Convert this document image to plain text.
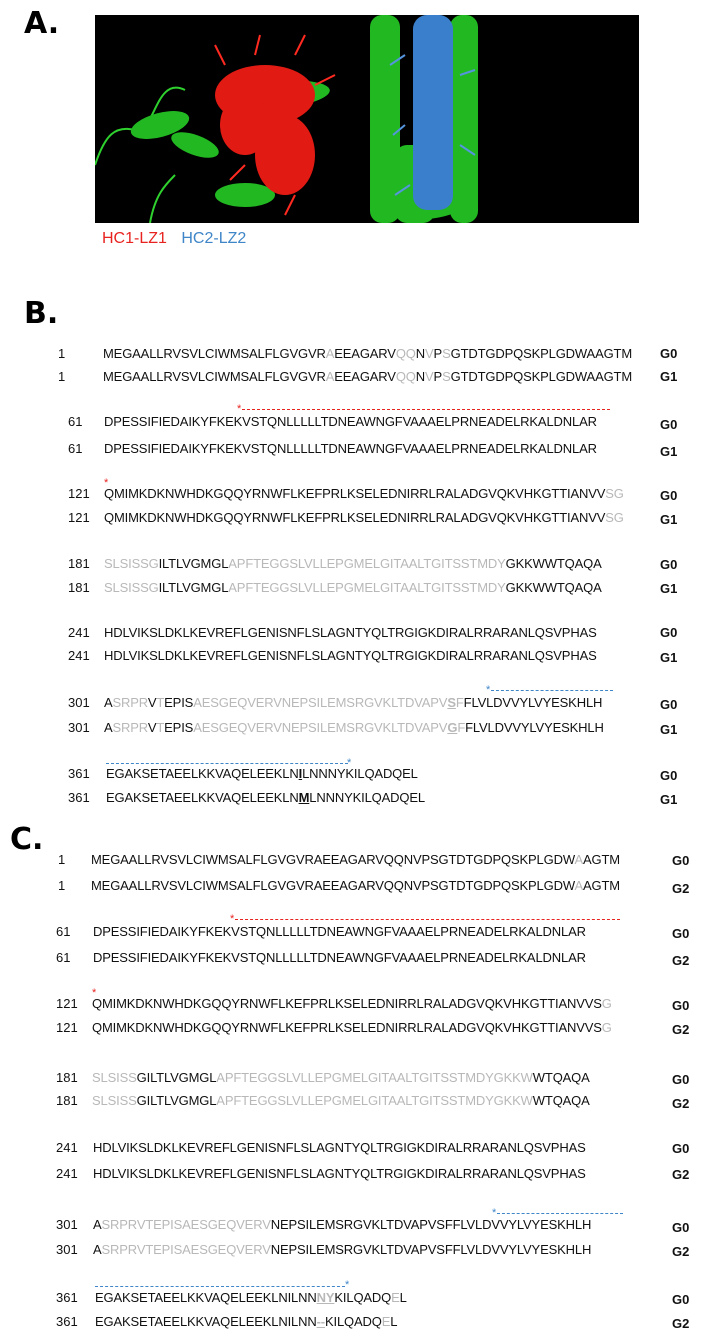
A.
HC1-LZ1 HC2-LZ2
B.
1	MEGAALLRVSVLCIWMSALFLGVGVRAEEAGARVQQNVPSGTDTGDPQSKPLGDWAAGTM G0
1	MEGAALLRVSVLCIWMSALFLGVGVRAEEAGARVQQNVPSGTDTGDPQSKPLGDWAAGTM G1
*
61 DPESSIFIEDAIKYFKEKVSTQNLLLLLTDNEAWNGFVAAAELPRNEADELRKALDNLAR	G0
61 DPESSIFIEDAIKYFKEKVSTQNLLLLLTDNEAWNGFVAAAELPRNEADELRKALDNLAR	G1
*
121 QMIMKDKNWHDKGQQYRNWFLKEFPRLKSELEDNIRRLRALADGVQKVHKGTTIANVVSG	G0
121 QMIMKDKNWHDKGQQYRNWFLKEFPRLKSELEDNIRRLRALADGVQKVHKGTTIANVVSG	G1
181 SLSISSGILTLVGMGLAPFTEGGSLVLLEPGMELGITAALTGITSSTMDYGKKWWTQAQA	G0
181 SLSISSGILTLVGMGLAPFTEGGSLVLLEPGMELGITAALTGITSSTMDYGKKWWTQAQA	G1
241 HDLVIKSLDKLKEVREFLGENISNFLSLAGNTYQLTRGIGKDIRALRRARANLQSVPHAS	G0
241 HDLVIKSLDKLKEVREFLGENISNFLSLAGNTYQLTRGIGKDIRALRRARANLQSVPHAS	G1
*
301 ASRPRVTEPISAESGEQVERVNEPSILEMSRGVKLTDVAPVSFFLVLDVVYLVYESKHLH	G0
301 ASRPRVTEPISAESGEQVERVNEPSILEMSRGVKLTDVAPVGFFLVLDVVYLVYESKHLH	G1
*
361 EGAKSETAEELKKVAQELEEKLNILNNNYKILQADQEL	G0
361 EGAKSETAEELKKVAQELEEKLNMLNNNYKILQADQEL	G1
C.
1 MEGAALLRVSVLCIWMSALFLGVGVRAEEAGARVQQNVPSGTDTGDPQSKPLGDWAAGTM	G0
1 MEGAALLRVSVLCIWMSALFLGVGVRAEEAGARVQQNVPSGTDTGDPQSKPLGDWAAGTM	G2
*
61 DPESSIFIEDAIKYFKEKVSTQNLLLLLTDNEAWNGFVAAAELPRNEADELRKALDNLAR	G0
61 DPESSIFIEDAIKYFKEKVSTQNLLLLLTDNEAWNGFVAAAELPRNEADELRKALDNLAR	G2
*
121 QMIMKDKNWHDKGQQYRNWFLKEFPRLKSELEDNIRRLRALADGVQKVHKGTTIANVVSG	G0
121 QMIMKDKNWHDKGQQYRNWFLKEFPRLKSELEDNIRRLRALADGVQKVHKGTTIANVVSG	G2
181 SLSISSGILTLVGMGLAPFTEGGSLVLLEPGMELGITAALTGITSSTMDYGKKWWTQAQA	G0
181 SLSISSGILTLVGMGLAPFTEGGSLVLLEPGMELGITAALTGITSSTMDYGKKWWTQAQA	G2
241 HDLVIKSLDKLKEVREFLGENISNFLSLAGNTYQLTRGIGKDIRALRRARANLQSVPHAS	G0
241 HDLVIKSLDKLKEVREFLGENISNFLSLAGNTYQLTRGIGKDIRALRRARANLQSVPHAS	G2
*
301 ASRPRVTEPISAESGEQVERVNEPSILEMSRGVKLTDVAPVSFFLVLDVVYLVYESKHLH	G0
301 ASRPRVTEPISAESGEQVERVNEPSILEMSRGVKLTDVAPVSFFLVLDVVYLVYESKHLH	G2
*
361 EGAKSETAEELKKVAQELEEKLNILNNNYKILQADQEL	G0
361 EGAKSETAEELKKVAQELEEKLNILNN--KILQADQEL	G2
